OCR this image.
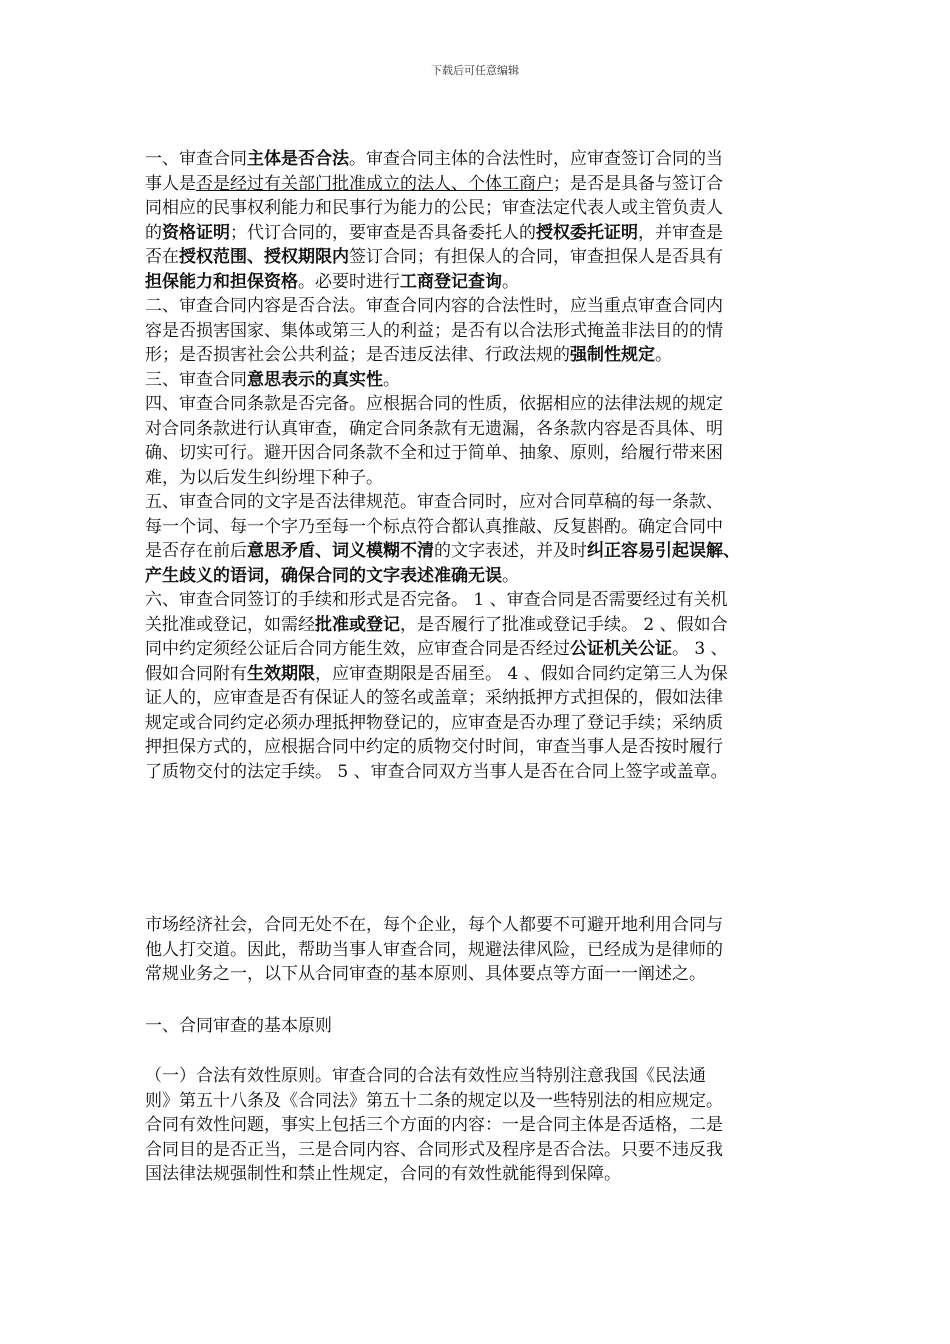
下载后可任意编辑
一、审查合同主体是否合法。审查合同主体的合法性时，应审查签订合同的当
事人是否是经过有关部门批准成立的法人、个体工商户；是否是具备与签订合
同相应的民事权利能力和民事行为能力的公民；审查法定代表人或主管负责人
的资格证明；代订合同的，要审查是否具备委托人的授权委托证明，并审查是
否在授权范围、授权期限内签订合同；有担保人的合同，审查担保人是否具有
担保能力和担保资格。必要时进行工商登记查询。
二、审查合同内容是否合法。审查合同内容的合法性时，应当重点审查合同内
容是否损害国家、集体或第三人的利益；是否有以合法形式掩盖非法目的的情
形；是否损害社会公共利益；是否违反法律、行政法规的强制性规定。
三、审查合同意思表示的真实性。
四、审查合同条款是否完备。应根据合同的性质，依据相应的法律法规的规定
对合同条款进行认真审查，确定合同条款有无遗漏，各条款内容是否具体、明
确、切实可行。避开因合同条款不全和过于简单、抽象、原则，给履行带来困
难，为以后发生纠纷埋下种子。
五、审查合同的文字是否法律规范。审查合同时，应对合同草稿的每一条款、
每一个词、每一个字乃至每一个标点符合都认真推敲、反复斟酌。确定合同中
是否存在前后意思矛盾、词义模糊不清的文字表述，并及时纠正容易引起误解、
产生歧义的语词，确保合同的文字表述准确无误。
六、审查合同签订的手续和形式是否完备。 1 、审查合同是否需要经过有关机
关批准或登记，如需经批准或登记，是否履行了批准或登记手续。 2 、假如合
同中约定须经公证后合同方能生效，应审查合同是否经过公证机关公证。 3 、
假如合同附有生效期限，应审查期限是否届至。 4 、假如合同约定第三人为保
证人的，应审查是否有保证人的签名或盖章；采纳抵押方式担保的，假如法律
规定或合同约定必须办理抵押物登记的，应审查是否办理了登记手续；采纳质
押担保方式的，应根据合同中约定的质物交付时间，审查当事人是否按时履行
了质物交付的法定手续。 5 、审查合同双方当事人是否在合同上签字或盖章。
市场经济社会，合同无处不在，每个企业，每个人都要不可避开地利用合同与
他人打交道。因此，帮助当事人审查合同，规避法律风险，已经成为是律师的
常规业务之一，以下从合同审查的基本原则、具体要点等方面一一阐述之。
一、合同审查的基本原则
（一）合法有效性原则。审查合同的合法有效性应当特别注意我国《民法通
则》第五十八条及《合同法》第五十二条的规定以及一些特别法的相应规定。
合同有效性问题，事实上包括三个方面的内容：一是合同主体是否适格，二是
合同目的是否正当，三是合同内容、合同形式及程序是否合法。只要不违反我
国法律法规强制性和禁止性规定，合同的有效性就能得到保障。
